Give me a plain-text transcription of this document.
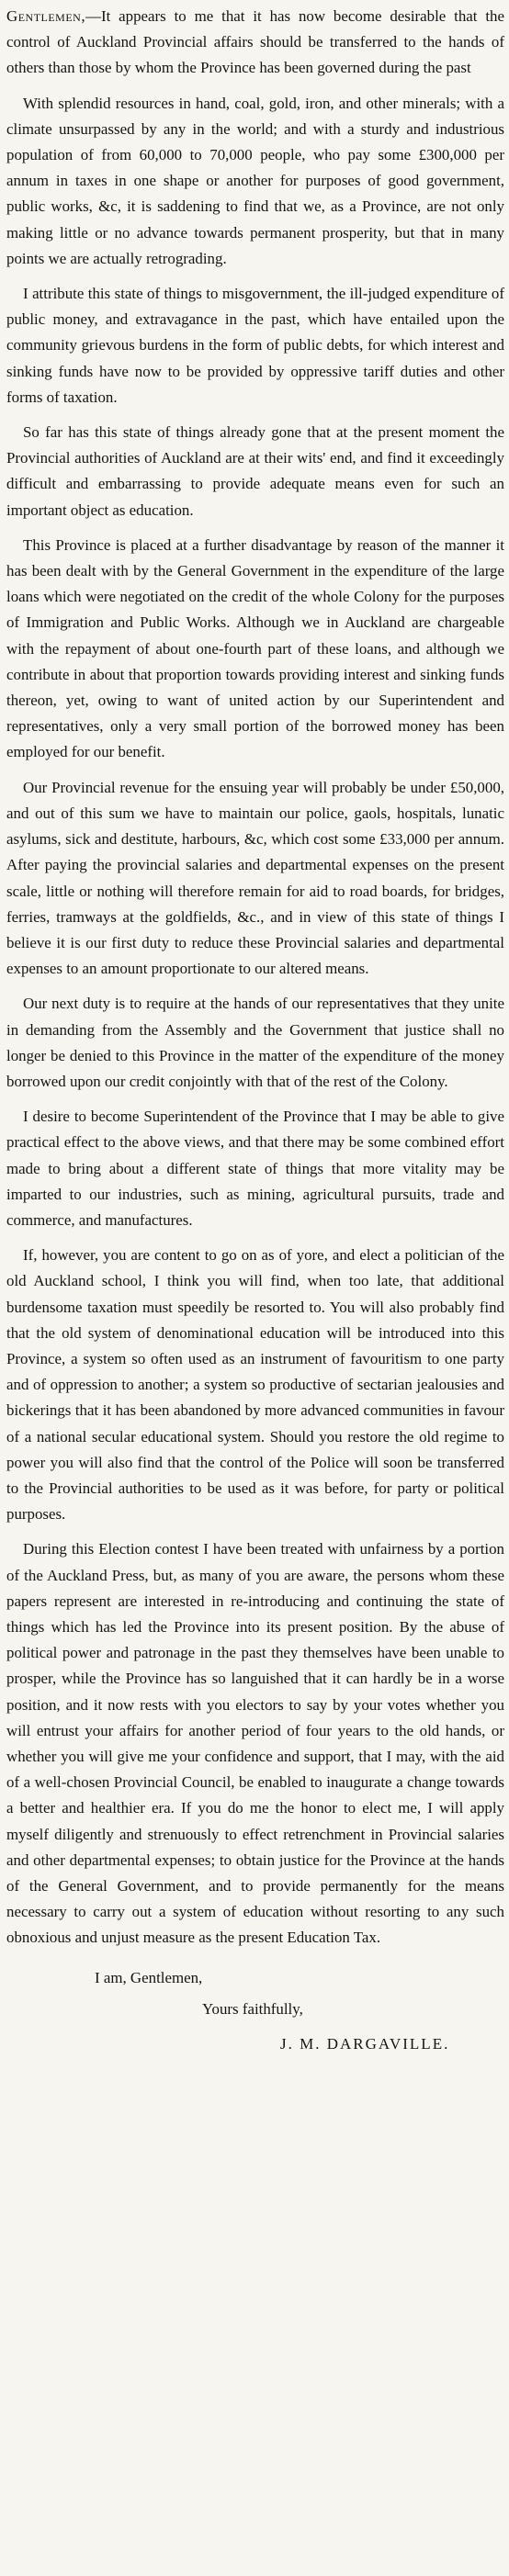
Gentlemen,—It appears to me that it has now become desirable that the control of Auckland Provincial affairs should be transferred to the hands of others than those by whom the Province has been governed during the past

With splendid resources in hand, coal, gold, iron, and other minerals; with a climate unsurpassed by any in the world; and with a sturdy and industrious population of from 60,000 to 70,000 people, who pay some £300,000 per annum in taxes in one shape or another for purposes of good government, public works, &c, it is saddening to find that we, as a Province, are not only making little or no advance towards permanent prosperity, but that in many points we are actually retrograding.

I attribute this state of things to misgovernment, the ill-judged expenditure of public money, and extravagance in the past, which have entailed upon the community grievous burdens in the form of public debts, for which interest and sinking funds have now to be provided by oppressive tariff duties and other forms of taxation.

So far has this state of things already gone that at the present moment the Provincial authorities of Auckland are at their wits' end, and find it exceedingly difficult and embarrassing to provide adequate means even for such an important object as education.

This Province is placed at a further disadvantage by reason of the manner it has been dealt with by the General Government in the expenditure of the large loans which were negotiated on the credit of the whole Colony for the purposes of Immigration and Public Works. Although we in Auckland are chargeable with the repayment of about one-fourth part of these loans, and although we contribute in about that proportion towards providing interest and sinking funds thereon, yet, owing to want of united action by our Superintendent and representatives, only a very small portion of the borrowed money has been employed for our benefit.

Our Provincial revenue for the ensuing year will probably be under £50,000, and out of this sum we have to maintain our police, gaols, hospitals, lunatic asylums, sick and destitute, harbours, &c, which cost some £33,000 per annum. After paying the provincial salaries and departmental expenses on the present scale, little or nothing will therefore remain for aid to road boards, for bridges, ferries, tramways at the goldfields, &c., and in view of this state of things I believe it is our first duty to reduce these Provincial salaries and departmental expenses to an amount proportionate to our altered means.

Our next duty is to require at the hands of our representatives that they unite in demanding from the Assembly and the Government that justice shall no longer be denied to this Province in the matter of the expenditure of the money borrowed upon our credit conjointly with that of the rest of the Colony.

I desire to become Superintendent of the Province that I may be able to give practical effect to the above views, and that there may be some combined effort made to bring about a different state of things that more vitality may be imparted to our industries, such as mining, agricultural pursuits, trade and commerce, and manufactures.

If, however, you are content to go on as of yore, and elect a politician of the old Auckland school, I think you will find, when too late, that additional burdensome taxation must speedily be resorted to. You will also probably find that the old system of denominational education will be introduced into this Province, a system so often used as an instrument of favouritism to one party and of oppression to another; a system so productive of sectarian jealousies and bickerings that it has been abandoned by more advanced communities in favour of a national secular educational system. Should you restore the old regime to power you will also find that the control of the Police will soon be transferred to the Provincial authorities to be used as it was before, for party or political purposes.

During this Election contest I have been treated with unfairness by a portion of the Auckland Press, but, as many of you are aware, the persons whom these papers represent are interested in re-introducing and continuing the state of things which has led the Province into its present position. By the abuse of political power and patronage in the past they themselves have been unable to prosper, while the Province has so languished that it can hardly be in a worse position, and it now rests with you electors to say by your votes whether you will entrust your affairs for another period of four years to the old hands, or whether you will give me your confidence and support, that I may, with the aid of a well-chosen Provincial Council, be enabled to inaugurate a change towards a better and healthier era. If you do me the honor to elect me, I will apply myself diligently and strenuously to effect retrenchment in Provincial salaries and other departmental expenses; to obtain justice for the Province at the hands of the General Government, and to provide permanently for the means necessary to carry out a system of education without resorting to any such obnoxious and unjust measure as the present Education Tax.

I am, Gentlemen,

Yours faithfully,

J. M. DARGAVILLE.
